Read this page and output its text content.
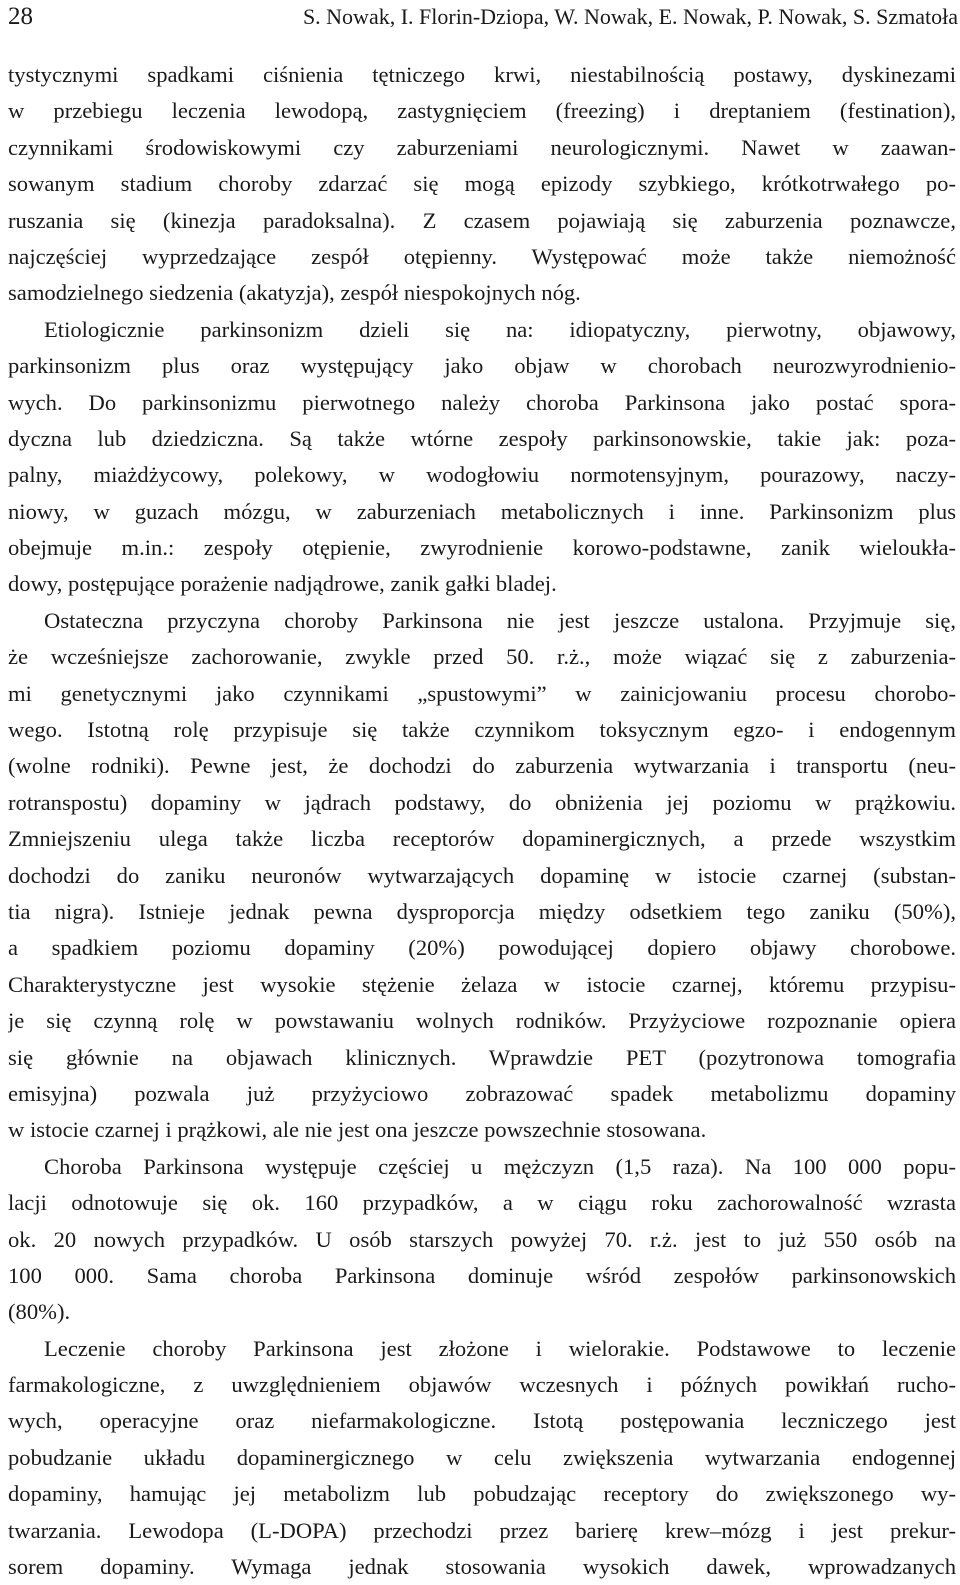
28	S. Nowak, I. Florin-Dziopa, W. Nowak, E. Nowak, P. Nowak, S. Szmatoła
tystycznymi spadkami ciśnienia tętniczego krwi, niestabilnością postawy, dyskinezami
w przebiegu leczenia lewodopą, zastygnięciem (freezing) i dreptaniem (festination),
czynnikami środowiskowymi czy zaburzeniami neurologicznymi. Nawet w zaawan-
sowanym stadium choroby zdarzać się mogą epizody szybkiego, krótkotrwałego po-
ruszania się (kinezja paradoksalna). Z czasem pojawiają się zaburzenia poznawcze,
najczęściej wyprzedzające zespół otępienny. Występować może także niemożność
samodzielnego siedzenia (akatyzja), zespół niespokojnych nóg.
Etiologicznie parkinsonizm dzieli się na: idiopatyczny, pierwotny, objawowy,
parkinsonizm plus oraz występujący jako objaw w chorobach neurozwyrodnienio-
wych. Do parkinsonizmu pierwotnego należy choroba Parkinsona jako postać spora-
dyczna lub dziedziczna. Są także wtórne zespoły parkinsonowskie, takie jak: poza-
palny, miażdżycowy, polekowy, w wodogłowiu normotensyjnym, pourazowy, naczy-
niowy, w guzach mózgu, w zaburzeniach metabolicznych i inne. Parkinsonizm plus
obejmuje m.in.: zespoły otępienie, zwyrodnienie korowo-podstawne, zanik wieloukła-
dowy, postępujące porażenie nadjądrowe, zanik gałki bladej.
Ostateczna przyczyna choroby Parkinsona nie jest jeszcze ustalona. Przyjmuje się,
że wcześniejsze zachorowanie, zwykle przed 50. r.ż., może wiązać się z zaburzenia-
mi genetycznymi jako czynnikami „spustowymi” w zainicjowaniu procesu chorobo-
wego. Istotną rolę przypisuje się także czynnikom toksycznym egzo- i endogennym
(wolne rodniki). Pewne jest, że dochodzi do zaburzenia wytwarzania i transportu (neu-
rotranspostu) dopaminy w jądrach podstawy, do obniżenia jej poziomu w prążkowiu.
Zmniejszeniu ulega także liczba receptorów dopaminergicznych, a przede wszystkim
dochodzi do zaniku neuronów wytwarzających dopaminę w istocie czarnej (substan-
tia nigra). Istnieje jednak pewna dysproporcja między odsetkiem tego zaniku (50%),
a spadkiem poziomu dopaminy (20%) powodującej dopiero objawy chorobowe.
Charakterystyczne jest wysokie stężenie żelaza w istocie czarnej, któremu przypisu-
je się czynną rolę w powstawaniu wolnych rodników. Przyżyciowe rozpoznanie opiera
się głównie na objawach klinicznych. Wprawdzie PET (pozytronowa tomografia
emisyjna) pozwala już przyżyciowo zobrazować spadek metabolizmu dopaminy
w istocie czarnej i prążkowi, ale nie jest ona jeszcze powszechnie stosowana.
Choroba Parkinsona występuje częściej u mężczyzn (1,5 raza). Na 100 000 popu-
lacji odnotowuje się ok. 160 przypadków, a w ciągu roku zachorowalność wzrasta
ok. 20 nowych przypadków. U osób starszych powyżej 70. r.ż. jest to już 550 osób na
100 000. Sama choroba Parkinsona dominuje wśród zespołów parkinsonowskich
(80%).
Leczenie choroby Parkinsona jest złożone i wielorakie. Podstawowe to leczenie
farmakologiczne, z uwzględnieniem objawów wczesnych i późnych powikłań rucho-
wych, operacyjne oraz niefarmakologiczne. Istotą postępowania leczniczego jest
pobudzanie układu dopaminergicznego w celu zwiększenia wytwarzania endogennej
dopaminy, hamując jej metabolizm lub pobudzając receptory do zwiększonego wy-
twarzania. Lewodopa (L-DOPA) przechodzi przez barierę krew–mózg i jest prekur-
sorem dopaminy. Wymaga jednak stosowania wysokich dawek, wprowadzanych
